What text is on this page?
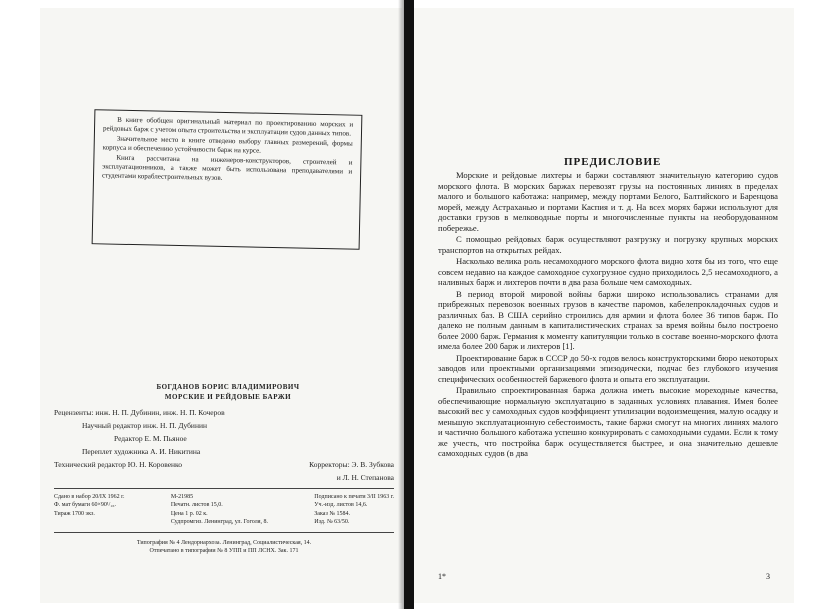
В книге обобщен оригинальный материал по проектированию морских и рейдовых барж с учетом опыта строительства и эксплуатации судов данных типов.

Значительное место в книге отведено выбору главных размерений, формы корпуса и обеспечению устойчивости барж на курсе.

Книга рассчитана на инженеров-конструкторов, строителей и эксплуатационников, а также может быть использована преподавателями и студентами кораблестроительных вузов.

БОГДАНОВ БОРИС ВЛАДИМИРОВИЧ
МОРСКИЕ И РЕЙДОВЫЕ БАРЖИ
Рецензенты: инж. Н. П. Дубинин, инж. Н. П. Кочеров
Научный редактор инж. Н. П. Дубинин
Редактор Е. М. Пьяное
Переплет художника А. И. Никитина
Технический редактор Ю. Н. Коровенко	Корректоры: Э. В. Зубкова
и Л. Н. Степанова
Сдано в набор 20/IX 1962 г.
Ф. мат бумаги 60×90¹/₁₆.
Тираж 1700 экз.
М-21985
Печатн. листов 15,0.
Цена 1 р. 02 к.
Судпромгиз. Ленинград, ул. Гоголя, 8.
Подписано к печати 3/II 1963 г.
Уч.-изд. листов 14,6.
Заказ № 1584.
Изд. № 63/50.
Типография № 4 Лендорнархоза. Ленинград, Социалистическая, 14.
Отпечатано в типографии № 8 УПП и ПП ЛСНХ. Зак. 171
ПРЕДИСЛОВИЕ

Морские и рейдовые лихтеры и баржи составляют значительную категорию судов морского флота. В морских баржах перевозят грузы на постоянных линиях в пределах малого и большого каботажа: например, между портами Белого, Балтийского и Баренцова морей, между Астраханью и портами Каспия и т. д. На всех морях баржи используют для доставки грузов в мелководные порты и многочисленные пункты на необорудованном побережье.

С помощью рейдовых барж осуществляют разгрузку и погрузку крупных морских транспортов на открытых рейдах.

Насколько велика роль несамоходного морского флота видно хотя бы из того, что еще совсем недавно на каждое самоходное сухогрузное судно приходилось 2,5 несамоходного, а наливных барж и лихтеров почти в два раза больше чем самоходных.

В период второй мировой войны баржи широко использовались странами для прибрежных перевозок военных грузов в качестве паромов, кабелепрокладочных судов и различных баз. В США серийно строились для армии и флота более 36 типов барж. По далеко не полным данным в капиталистических странах за время войны было построено более 2000 барж. Германия к моменту капитуляции только в составе военно-морского флота имела более 200 барж и лихтеров [1].

Проектирование барж в СССР до 50-х годов велось конструкторскими бюро некоторых заводов или проектными организациями эпизодически, подчас без глубокого изучения специфических особенностей баржевого флота и опыта его эксплуатации.

Правильно спроектированная баржа должна иметь высокие мореходные качества, обеспечивающие нормальную эксплуатацию в заданных условиях плавания. Имея более высокий вес у самоходных судов коэффициент утилизации водоизмещения, малую осадку и меньшую эксплуатационную себестоимость, такие баржи смогут на многих линиях малого и частично большого каботажа успешно конкурировать с самоходными судами. Если к тому же учесть, что постройка барж осуществляется быстрее, и она значительно дешевле самоходных судов (в два

1*	3
